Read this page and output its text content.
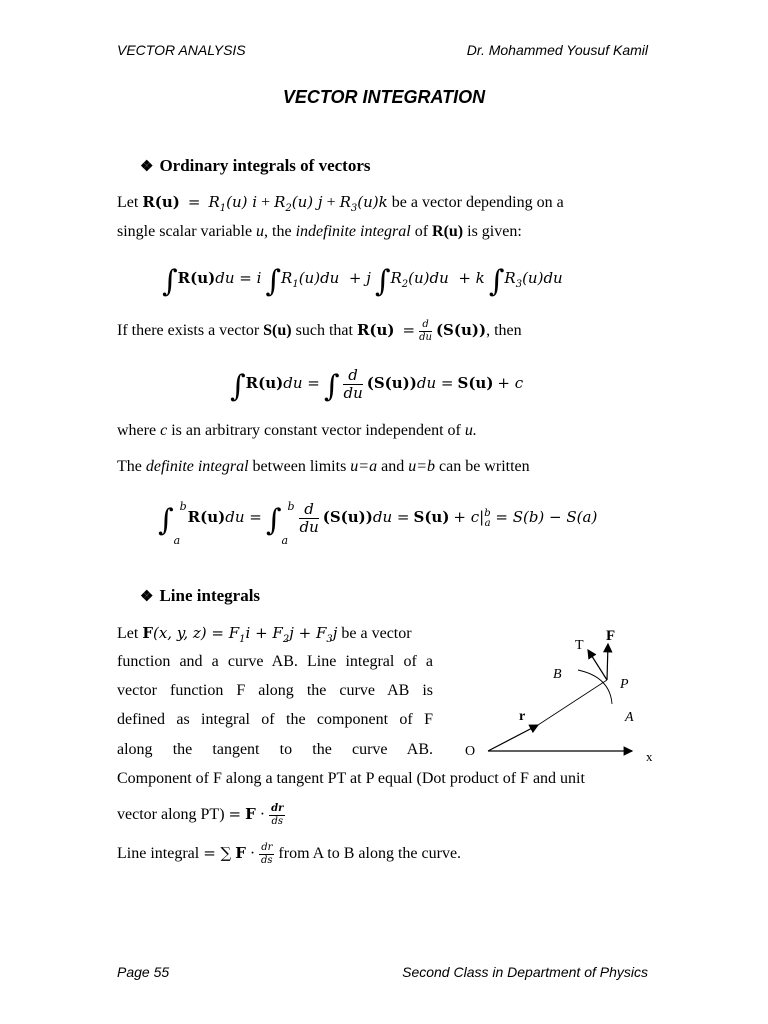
VECTOR ANALYSIS	Dr. Mohammed Yousuf Kamil
VECTOR INTEGRATION
❖ Ordinary integrals of vectors
Let $R(u) = R_1(u) i + R_2(u) j + R_3(u)k$ be a vector depending on a
single scalar variable u, the indefinite integral of R(u) is given:
∫R(u)du = i $\int R_1(u)du + j$ $\int R_2(u)du + k$ $\int R_3(u)du$
If there exists a vector S(u) such that $R(u) = \frac{d}{du} (S(u))$, then
∫R(u)du = ∫ $\frac{d}{du} (S(u))du = S(u) + c$
where c is an arbitrary constant vector independent of u.
The definite integral between limits u=a and u=b can be written
∫ b
a
R(u)du = ∫ b
a

$\frac{d}{du} (S(u))du = S(u) + c|^b_a = S(b) - S(a)$
❖ Line integrals
Let F(x, y, $z) = F_1i + F_2j + F_3j$ be a vector
function and a curve AB. Line integral of a
vector function F along the curve AB is
defined as integral of the component of F
along the tangent to the curve AB.
Component of F along a tangent PT at P equal (Dot product of F and unit
vector along $PT) = F \cdot \frac{dr}{ds}$
Line integral = ∑ $F \cdot \frac{dr}{ds}$ from A to B along the curve.
F
T
B
P
r	A
O	x
Page 55	Second Class in Department of Physics
